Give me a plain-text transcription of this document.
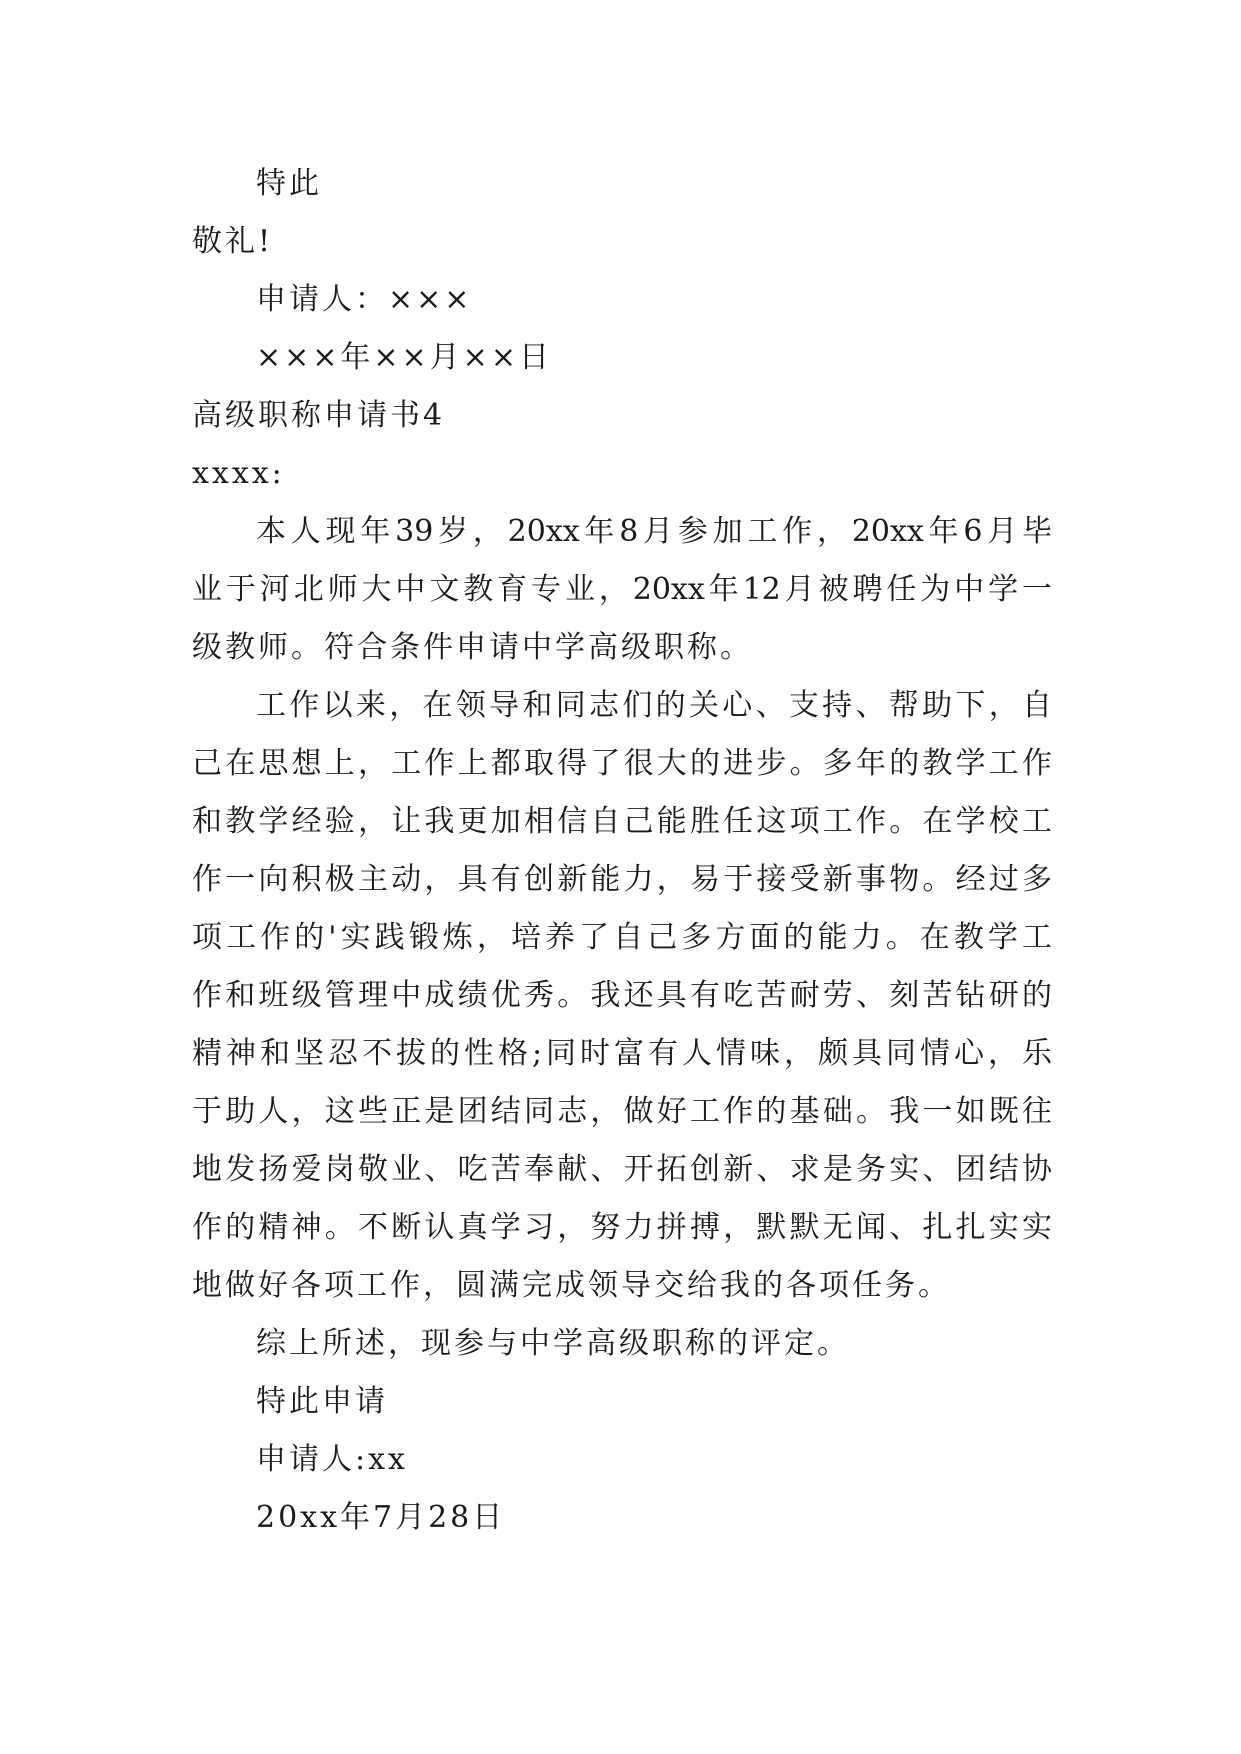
特此
敬礼!
申请人：×××
×××年××月××日
高级职称申请书4
xxxx:
本人现年39岁，20xx年8月参加工作，20xx年6月毕
业于河北师大中文教育专业，20xx年12月被聘任为中学一
级教师。符合条件申请中学高级职称。
工作以来，在领导和同志们的关心、支持、帮助下，自
己在思想上，工作上都取得了很大的进步。多年的教学工作
和教学经验，让我更加相信自己能胜任这项工作。在学校工
作一向积极主动，具有创新能力，易于接受新事物。经过多
项工作的'实践锻炼，培养了自己多方面的能力。在教学工
作和班级管理中成绩优秀。我还具有吃苦耐劳、刻苦钻研的
精神和坚忍不拔的性格;同时富有人情味，颇具同情心，乐
于助人，这些正是团结同志，做好工作的基础。我一如既往
地发扬爱岗敬业、吃苦奉献、开拓创新、求是务实、团结协
作的精神。不断认真学习，努力拼搏，默默无闻、扎扎实实
地做好各项工作，圆满完成领导交给我的各项任务。
综上所述，现参与中学高级职称的评定。
特此申请
申请人:xx
20xx年7月28日
